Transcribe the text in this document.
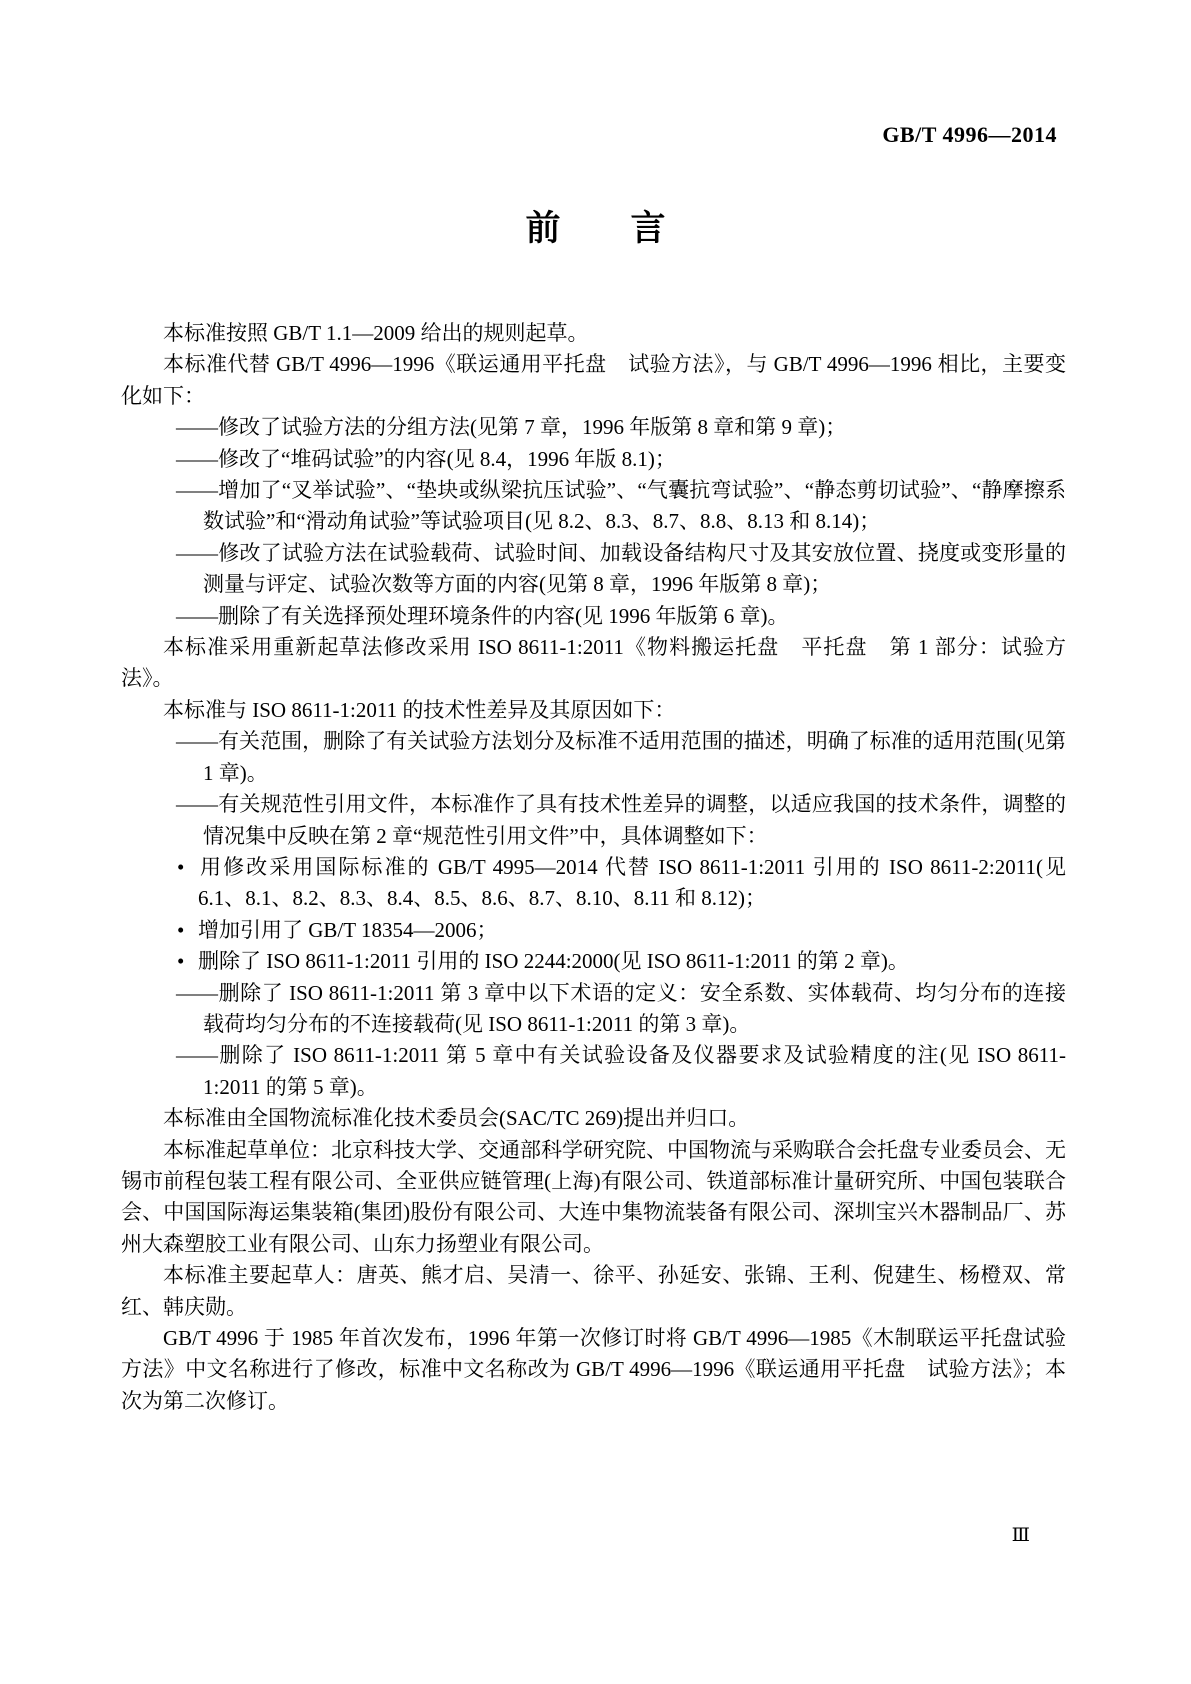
GB/T 4996—2014
前　　言

本标准按照 GB/T 1.1—2009 给出的规则起草。

本标准代替 GB/T 4996—1996《联运通用平托盘　试验方法》，与 GB/T 4996—1996 相比，主要变化如下：

——修改了试验方法的分组方法(见第 7 章，1996 年版第 8 章和第 9 章)；

——修改了“堆码试验”的内容(见 8.4，1996 年版 8.1)；

——增加了“叉举试验”、“垫块或纵梁抗压试验”、“气囊抗弯试验”、“静态剪切试验”、“静摩擦系数试验”和“滑动角试验”等试验项目(见 8.2、8.3、8.7、8.8、8.13 和 8.14)；

——修改了试验方法在试验载荷、试验时间、加载设备结构尺寸及其安放位置、挠度或变形量的测量与评定、试验次数等方面的内容(见第 8 章，1996 年版第 8 章)；

——删除了有关选择预处理环境条件的内容(见 1996 年版第 6 章)。

本标准采用重新起草法修改采用 ISO 8611-1:2011《物料搬运托盘　平托盘　第 1 部分：试验方法》。

本标准与 ISO 8611-1:2011 的技术性差异及其原因如下：

——有关范围，删除了有关试验方法划分及标准不适用范围的描述，明确了标准的适用范围(见第 1 章)。

——有关规范性引用文件，本标准作了具有技术性差异的调整，以适应我国的技术条件，调整的情况集中反映在第 2 章“规范性引用文件”中，具体调整如下：

• 用修改采用国际标准的 GB/T 4995—2014 代替 ISO 8611-1:2011 引用的 ISO 8611-2:2011(见 6.1、8.1、8.2、8.3、8.4、8.5、8.6、8.7、8.10、8.11 和 8.12)；

• 增加引用了 GB/T 18354—2006；

• 删除了 ISO 8611-1:2011 引用的 ISO 2244:2000(见 ISO 8611-1:2011 的第 2 章)。

——删除了 ISO 8611-1:2011 第 3 章中以下术语的定义：安全系数、实体载荷、均匀分布的连接载荷均匀分布的不连接载荷(见 ISO 8611-1:2011 的第 3 章)。

——删除了 ISO 8611-1:2011 第 5 章中有关试验设备及仪器要求及试验精度的注(见 ISO 8611-1:2011 的第 5 章)。

本标准由全国物流标准化技术委员会(SAC/TC 269)提出并归口。

本标准起草单位：北京科技大学、交通部科学研究院、中国物流与采购联合会托盘专业委员会、无锡市前程包装工程有限公司、全亚供应链管理(上海)有限公司、铁道部标准计量研究所、中国包装联合会、中国国际海运集装箱(集团)股份有限公司、大连中集物流装备有限公司、深圳宝兴木器制品厂、苏州大森塑胶工业有限公司、山东力扬塑业有限公司。

本标准主要起草人：唐英、熊才启、吴清一、徐平、孙延安、张锦、王利、倪建生、杨橙双、常红、韩庆勋。

GB/T 4996 于 1985 年首次发布，1996 年第一次修订时将 GB/T 4996—1985《木制联运平托盘试验方法》中文名称进行了修改，标准中文名称改为 GB/T 4996—1996《联运通用平托盘　试验方法》；本次为第二次修订。

Ⅲ
